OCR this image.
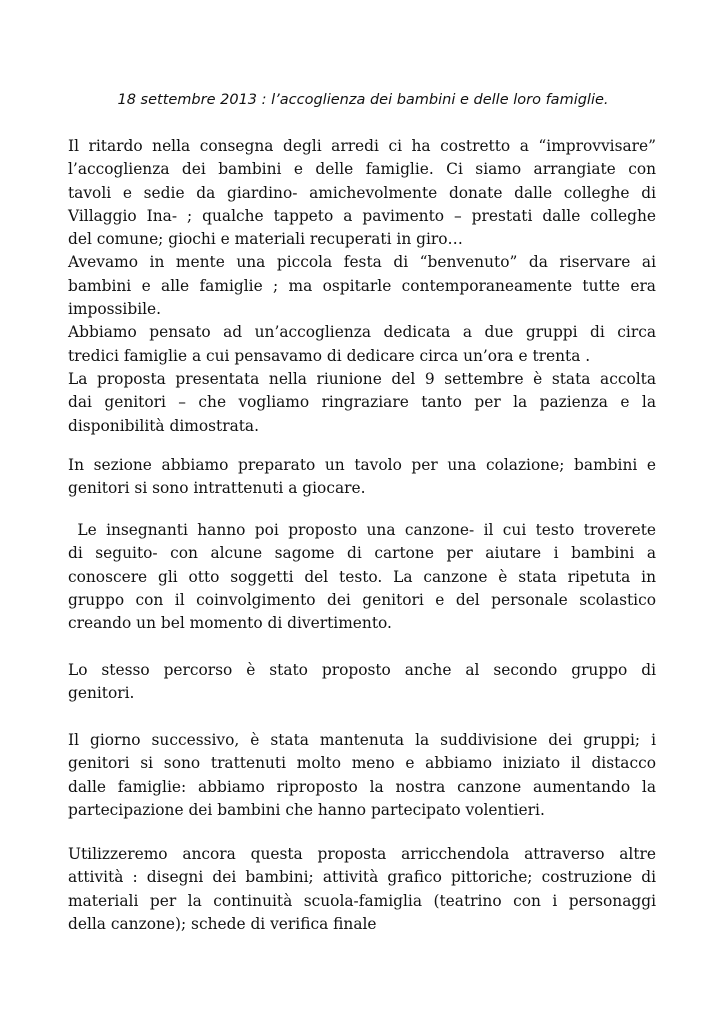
18 settembre 2013 : l’accoglienza dei bambini e delle loro famiglie.
Il ritardo nella consegna degli arredi ci ha costretto a “improvvisare”
l’accoglienza dei bambini e delle famiglie. Ci siamo arrangiate con
tavoli e sedie da giardino- amichevolmente donate dalle colleghe di
Villaggio Ina- ; qualche tappeto a pavimento – prestati dalle colleghe
del comune; giochi e materiali recuperati in giro…
Avevamo in mente una piccola festa di “benvenuto” da riservare ai
bambini e alle famiglie ; ma ospitarle contemporaneamente tutte era
impossibile.
Abbiamo pensato ad un’accoglienza dedicata a due gruppi di circa
tredici famiglie a cui pensavamo di dedicare circa un’ora e trenta .
La proposta presentata nella riunione del 9 settembre è stata accolta
dai genitori – che vogliamo ringraziare tanto per la pazienza e la
disponibilità dimostrata.
In sezione abbiamo preparato un tavolo per una colazione; bambini e
genitori si sono intrattenuti a giocare.
Le insegnanti hanno poi proposto una canzone- il cui testo troverete
di seguito- con alcune sagome di cartone per aiutare i bambini a
conoscere gli otto soggetti del testo. La canzone è stata ripetuta in
gruppo con il coinvolgimento dei genitori e del personale scolastico
creando un bel momento di divertimento.
Lo stesso percorso è stato proposto anche al secondo gruppo di
genitori.
Il giorno successivo, è stata mantenuta la suddivisione dei gruppi; i
genitori si sono trattenuti molto meno e abbiamo iniziato il distacco
dalle famiglie: abbiamo riproposto la nostra canzone aumentando la
partecipazione dei bambini che hanno partecipato volentieri.
Utilizzeremo ancora questa proposta arricchendola attraverso altre
attività : disegni dei bambini; attività grafico pittoriche; costruzione di
materiali per la continuità scuola-famiglia (teatrino con i personaggi
della canzone); schede di verifica finale
